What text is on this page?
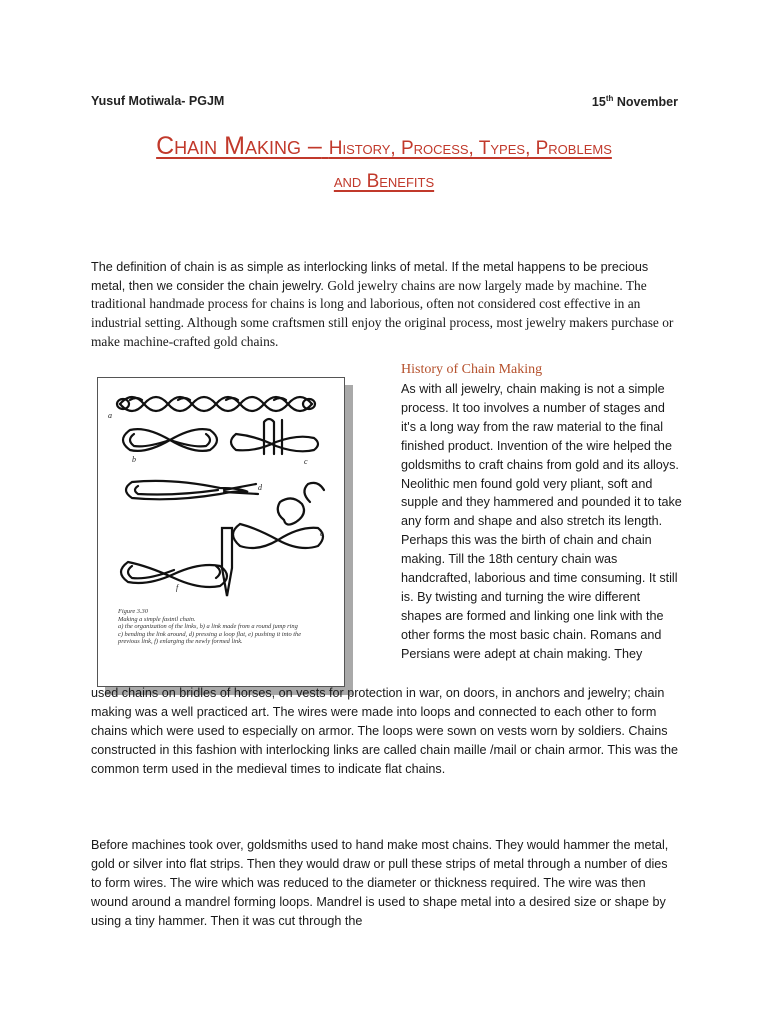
Yusuf Motiwala- PGJM	15th November
Chain Making – History, Process, Types, Problems
and Benefits
The definition of chain is as simple as interlocking links of metal. If the metal happens to be precious metal, then we consider the chain jewelry. Gold jewelry chains are now largely made by machine. The traditional handmade process for chains is long and laborious, often not considered cost effective in an industrial setting. Although some craftsmen still enjoy the original process, most jewelry makers purchase or make machine-crafted gold chains.
History of Chain Making
a
b	c
d
e
f
Figure 3.30
Making a simple fastnil chain.
a) the organization of the links, b) a link made from a round jump ring
c) bending the link around, d) pressing a loop flat, e) pushing it into the
previous link, f) enlarging the newly formed link.
As with all jewelry, chain making is not a simple process. It too involves a number of stages and it's a long way from the raw material to the final finished product. Invention of the wire helped the goldsmiths to craft chains from gold and its alloys. Neolithic men found gold very pliant, soft and supple and they hammered and pounded it to take any form and shape and also stretch its length. Perhaps this was the birth of chain and chain making. Till the 18th century chain was handcrafted, laborious and time consuming. It still is. By twisting and turning the wire different shapes are formed and linking one link with the other forms the most basic chain. Romans and Persians were adept at chain making. They
used chains on bridles of horses, on vests for protection in war, on doors, in anchors and jewelry; chain making was a well practiced art. The wires were made into loops and connected to each other to form chains which were used to especially on armor. The loops were sown on vests worn by soldiers. Chains constructed in this fashion with interlocking links are called chain maille /mail or chain armor. This was the common term used in the medieval times to indicate flat chains.
Before machines took over, goldsmiths used to hand make most chains. They would hammer the metal, gold or silver into flat strips. Then they would draw or pull these strips of metal through a number of dies to form wires. The wire which was reduced to the diameter or thickness required. The wire was then wound around a mandrel forming loops. Mandrel is used to shape metal into a desired size or shape by using a tiny hammer. Then it was cut through the
